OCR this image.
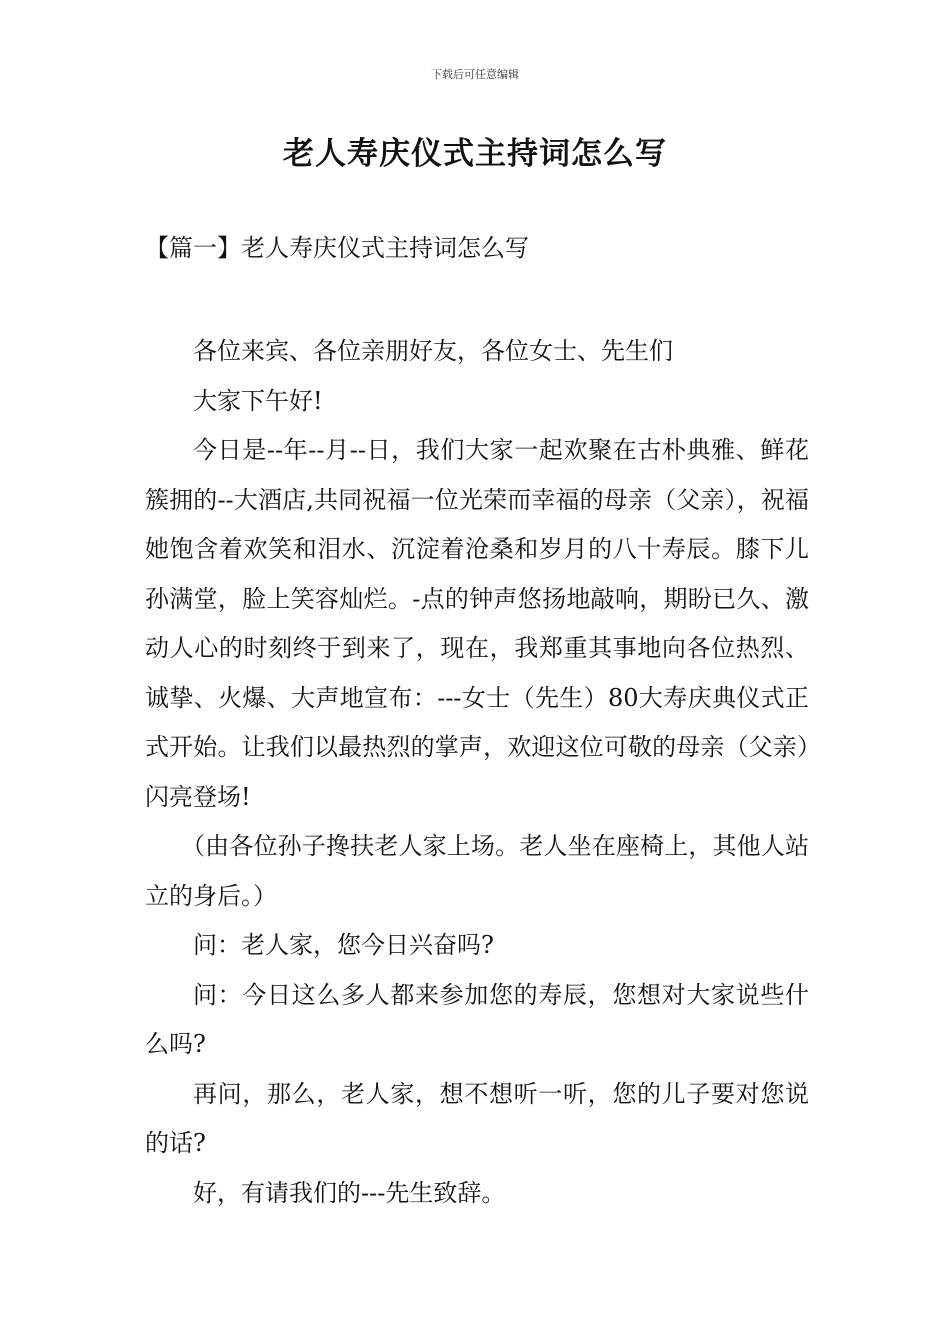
下载后可任意编辑
老人寿庆仪式主持词怎么写
【篇一】老人寿庆仪式主持词怎么写

各位来宾、各位亲朋好友，各位女士、先生们

大家下午好!

今日是--年--月--日，我们大家一起欢聚在古朴典雅、鲜花簇拥的--大酒店,共同祝福一位光荣而幸福的母亲（父亲），祝福她饱含着欢笑和泪水、沉淀着沧桑和岁月的八十寿辰。膝下儿孙满堂，脸上笑容灿烂。-点的钟声悠扬地敲响，期盼已久、激动人心的时刻终于到来了，现在，我郑重其事地向各位热烈、诚挚、火爆、大声地宣布：---女士（先生）80大寿庆典仪式正式开始。让我们以最热烈的掌声，欢迎这位可敬的母亲（父亲）闪亮登场!

（由各位孙子搀扶老人家上场。老人坐在座椅上，其他人站立的身后。）

问：老人家，您今日兴奋吗?

问：今日这么多人都来参加您的寿辰，您想对大家说些什么吗?

再问，那么，老人家，想不想听一听，您的儿子要对您说的话?

好，有请我们的---先生致辞。
